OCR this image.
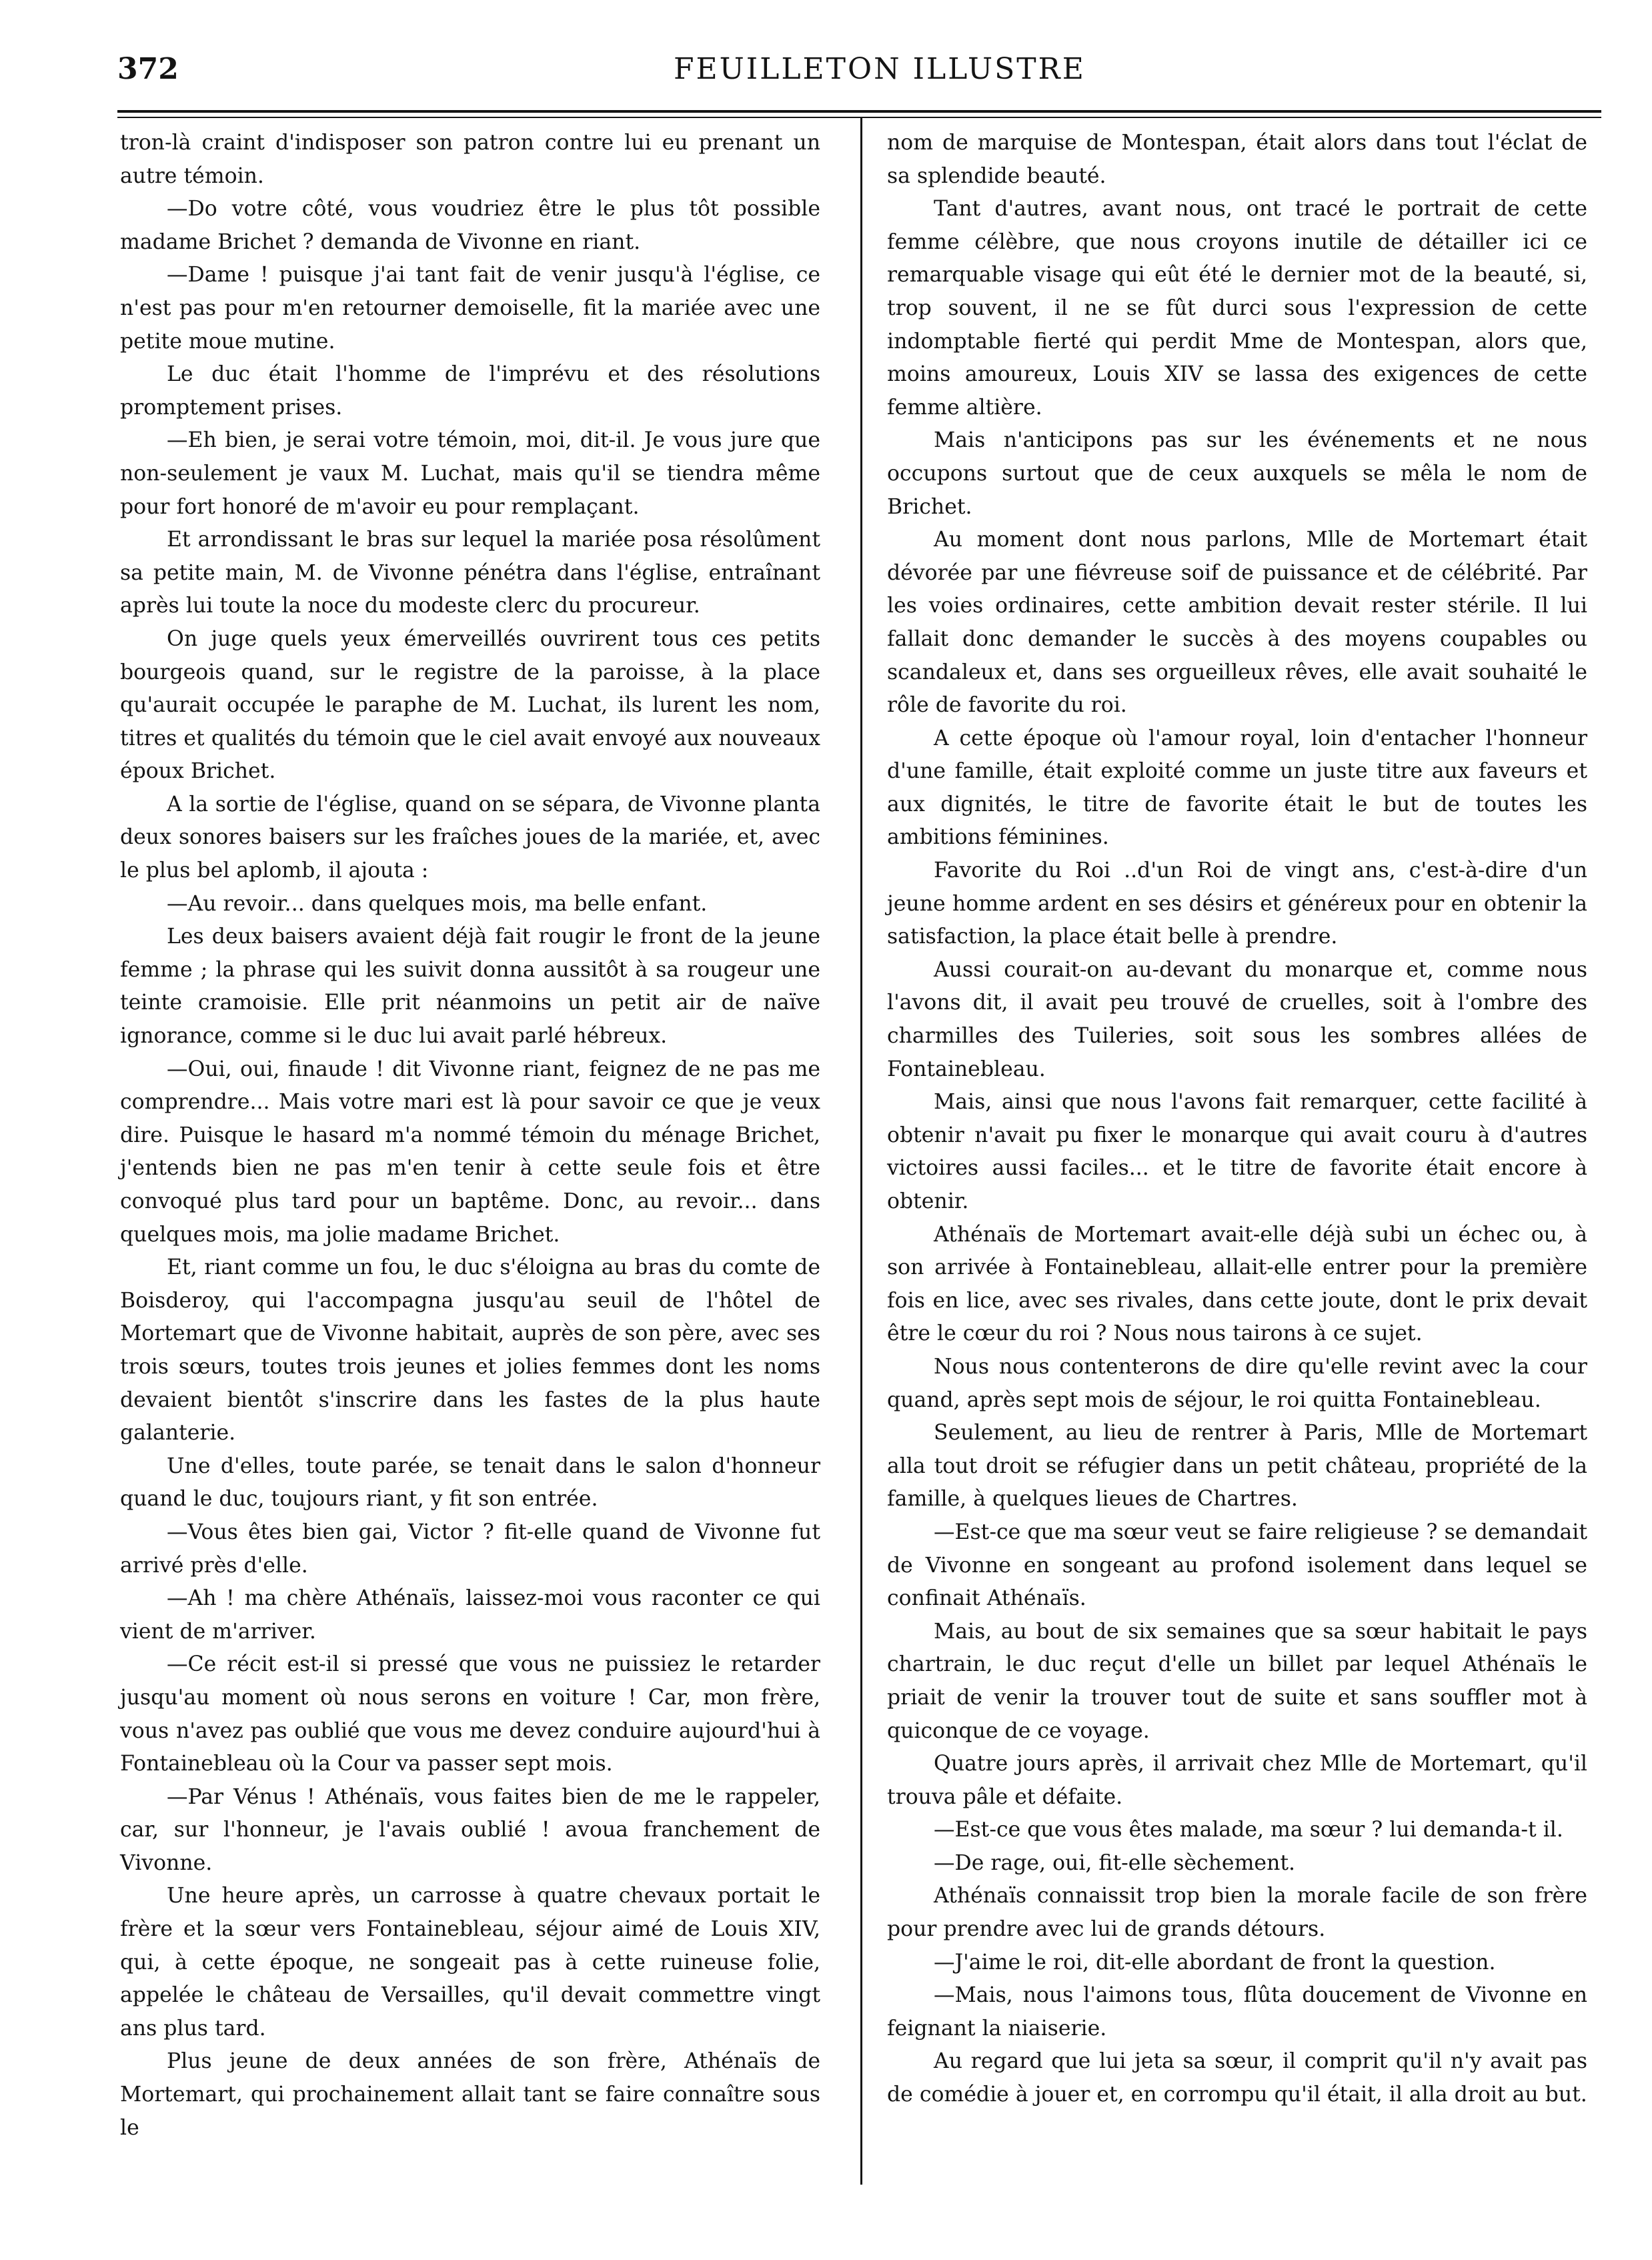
372	FEUILLETON ILLUSTRE

tron-là craint d'indisposer son patron contre lui eu prenant un autre témoin.

—Do votre côté, vous voudriez être le plus tôt possible madame Brichet ? demanda de Vivonne en riant.

—Dame ! puisque j'ai tant fait de venir jusqu'à l'église, ce n'est pas pour m'en retourner demoiselle, fit la mariée avec une petite moue mutine.

Le duc était l'homme de l'imprévu et des résolutions promptement prises.

—Eh bien, je serai votre témoin, moi, dit-il. Je vous jure que non-seulement je vaux M. Luchat, mais qu'il se tiendra même pour fort honoré de m'avoir eu pour remplaçant.

Et arrondissant le bras sur lequel la mariée posa résolûment sa petite main, M. de Vivonne pénétra dans l'église, entraînant après lui toute la noce du modeste clerc du procureur.

On juge quels yeux émerveillés ouvrirent tous ces petits bourgeois quand, sur le registre de la paroisse, à la place qu'aurait occupée le paraphe de M. Luchat, ils lurent les nom, titres et qualités du témoin que le ciel avait envoyé aux nouveaux époux Brichet.

A la sortie de l'église, quand on se sépara, de Vivonne planta deux sonores baisers sur les fraîches joues de la mariée, et, avec le plus bel aplomb, il ajouta :

—Au revoir... dans quelques mois, ma belle enfant.

Les deux baisers avaient déjà fait rougir le front de la jeune femme ; la phrase qui les suivit donna aussitôt à sa rougeur une teinte cramoisie. Elle prit néanmoins un petit air de naïve ignorance, comme si le duc lui avait parlé hébreux.

—Oui, oui, finaude ! dit Vivonne riant, feignez de ne pas me comprendre... Mais votre mari est là pour savoir ce que je veux dire. Puisque le hasard m'a nommé témoin du ménage Brichet, j'entends bien ne pas m'en tenir à cette seule fois et être convoqué plus tard pour un baptême. Donc, au revoir... dans quelques mois, ma jolie madame Brichet.

Et, riant comme un fou, le duc s'éloigna au bras du comte de Boisderoy, qui l'accompagna jusqu'au seuil de l'hôtel de Mortemart que de Vivonne habitait, auprès de son père, avec ses trois sœurs, toutes trois jeunes et jolies femmes dont les noms devaient bientôt s'inscrire dans les fastes de la plus haute galanterie.

Une d'elles, toute parée, se tenait dans le salon d'honneur quand le duc, toujours riant, y fit son entrée.

—Vous êtes bien gai, Victor ? fit-elle quand de Vivonne fut arrivé près d'elle.

—Ah ! ma chère Athénaïs, laissez-moi vous raconter ce qui vient de m'arriver.

—Ce récit est-il si pressé que vous ne puissiez le retarder jusqu'au moment où nous serons en voiture ! Car, mon frère, vous n'avez pas oublié que vous me devez conduire aujourd'hui à Fontainebleau où la Cour va passer sept mois.

—Par Vénus ! Athénaïs, vous faites bien de me le rappeler, car, sur l'honneur, je l'avais oublié ! avoua franchement de Vivonne.

Une heure après, un carrosse à quatre chevaux portait le frère et la sœur vers Fontainebleau, séjour aimé de Louis XIV, qui, à cette époque, ne songeait pas à cette ruineuse folie, appelée le château de Versailles, qu'il devait commettre vingt ans plus tard.

Plus jeune de deux années de son frère, Athénaïs de Mortemart, qui prochainement allait tant se faire connaître sous le

nom de marquise de Montespan, était alors dans tout l'éclat de sa splendide beauté.

Tant d'autres, avant nous, ont tracé le portrait de cette femme célèbre, que nous croyons inutile de détailler ici ce remarquable visage qui eût été le dernier mot de la beauté, si, trop souvent, il ne se fût durci sous l'expression de cette indomptable fierté qui perdit Mme de Montespan, alors que, moins amoureux, Louis XIV se lassa des exigences de cette femme altière.

Mais n'anticipons pas sur les événements et ne nous occupons surtout que de ceux auxquels se mêla le nom de Brichet.

Au moment dont nous parlons, Mlle de Mortemart était dévorée par une fiévreuse soif de puissance et de célébrité. Par les voies ordinaires, cette ambition devait rester stérile. Il lui fallait donc demander le succès à des moyens coupables ou scandaleux et, dans ses orgueilleux rêves, elle avait souhaité le rôle de favorite du roi.

A cette époque où l'amour royal, loin d'entacher l'honneur d'une famille, était exploité comme un juste titre aux faveurs et aux dignités, le titre de favorite était le but de toutes les ambitions féminines.

Favorite du Roi ..d'un Roi de vingt ans, c'est-à-dire d'un jeune homme ardent en ses désirs et généreux pour en obtenir la satisfaction, la place était belle à prendre.

Aussi courait-on au-devant du monarque et, comme nous l'avons dit, il avait peu trouvé de cruelles, soit à l'ombre des charmilles des Tuileries, soit sous les sombres allées de Fontainebleau.

Mais, ainsi que nous l'avons fait remarquer, cette facilité à obtenir n'avait pu fixer le monarque qui avait couru à d'autres victoires aussi faciles... et le titre de favorite était encore à obtenir.

Athénaïs de Mortemart avait-elle déjà subi un échec ou, à son arrivée à Fontainebleau, allait-elle entrer pour la première fois en lice, avec ses rivales, dans cette joute, dont le prix devait être le cœur du roi ? Nous nous tairons à ce sujet.

Nous nous contenterons de dire qu'elle revint avec la cour quand, après sept mois de séjour, le roi quitta Fontainebleau.

Seulement, au lieu de rentrer à Paris, Mlle de Mortemart alla tout droit se réfugier dans un petit château, propriété de la famille, à quelques lieues de Chartres.

—Est-ce que ma sœur veut se faire religieuse ? se demandait de Vivonne en songeant au profond isolement dans lequel se confinait Athénaïs.

Mais, au bout de six semaines que sa sœur habitait le pays chartrain, le duc reçut d'elle un billet par lequel Athénaïs le priait de venir la trouver tout de suite et sans souffler mot à quiconque de ce voyage.

Quatre jours après, il arrivait chez Mlle de Mortemart, qu'il trouva pâle et défaite.

—Est-ce que vous êtes malade, ma sœur ? lui demanda-t il.

—De rage, oui, fit-elle sèchement.

Athénaïs connaissit trop bien la morale facile de son frère pour prendre avec lui de grands détours.

—J'aime le roi, dit-elle abordant de front la question.

—Mais, nous l'aimons tous, flûta doucement de Vivonne en feignant la niaiserie.

Au regard que lui jeta sa sœur, il comprit qu'il n'y avait pas de comédie à jouer et, en corrompu qu'il était, il alla droit au but.
